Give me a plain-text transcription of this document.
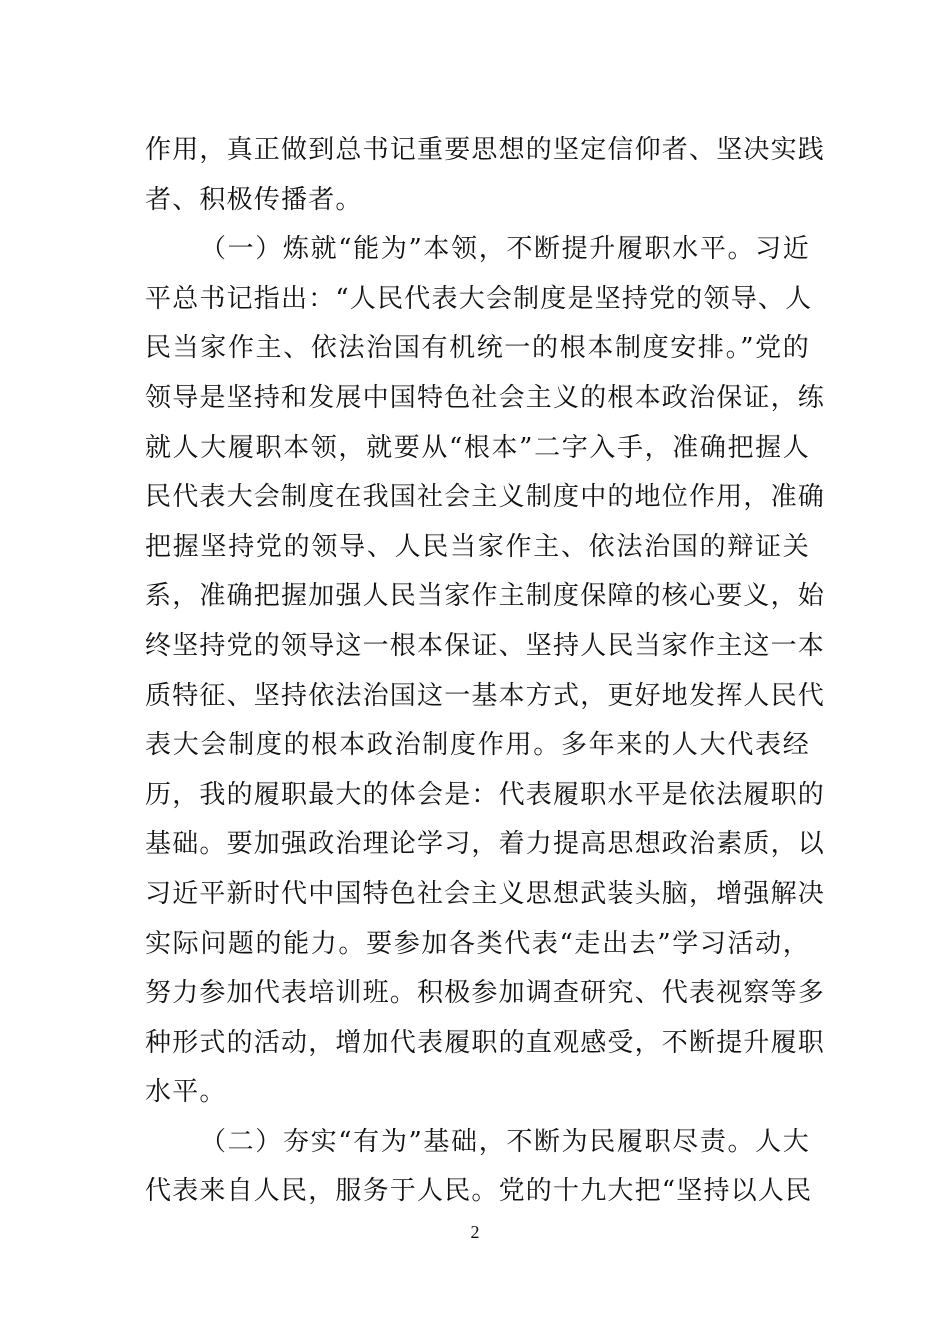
作用，真正做到总书记重要思想的坚定信仰者、坚决实践
者、积极传播者。
（一）炼就“能为”本领，不断提升履职水平。习近
平总书记指出：“人民代表大会制度是坚持党的领导、人
民当家作主、依法治国有机统一的根本制度安排。”党的
领导是坚持和发展中国特色社会主义的根本政治保证，练
就人大履职本领，就要从“根本”二字入手，准确把握人
民代表大会制度在我国社会主义制度中的地位作用，准确
把握坚持党的领导、人民当家作主、依法治国的辩证关
系，准确把握加强人民当家作主制度保障的核心要义，始
终坚持党的领导这一根本保证、坚持人民当家作主这一本
质特征、坚持依法治国这一基本方式，更好地发挥人民代
表大会制度的根本政治制度作用。多年来的人大代表经
历，我的履职最大的体会是：代表履职水平是依法履职的
基础。要加强政治理论学习，着力提高思想政治素质，以
习近平新时代中国特色社会主义思想武装头脑，增强解决
实际问题的能力。要参加各类代表“走出去”学习活动，
努力参加代表培训班。积极参加调查研究、代表视察等多
种形式的活动，增加代表履职的直观感受，不断提升履职
水平。
（二）夯实“有为”基础，不断为民履职尽责。人大
代表来自人民，服务于人民。党的十九大把“坚持以人民
2
